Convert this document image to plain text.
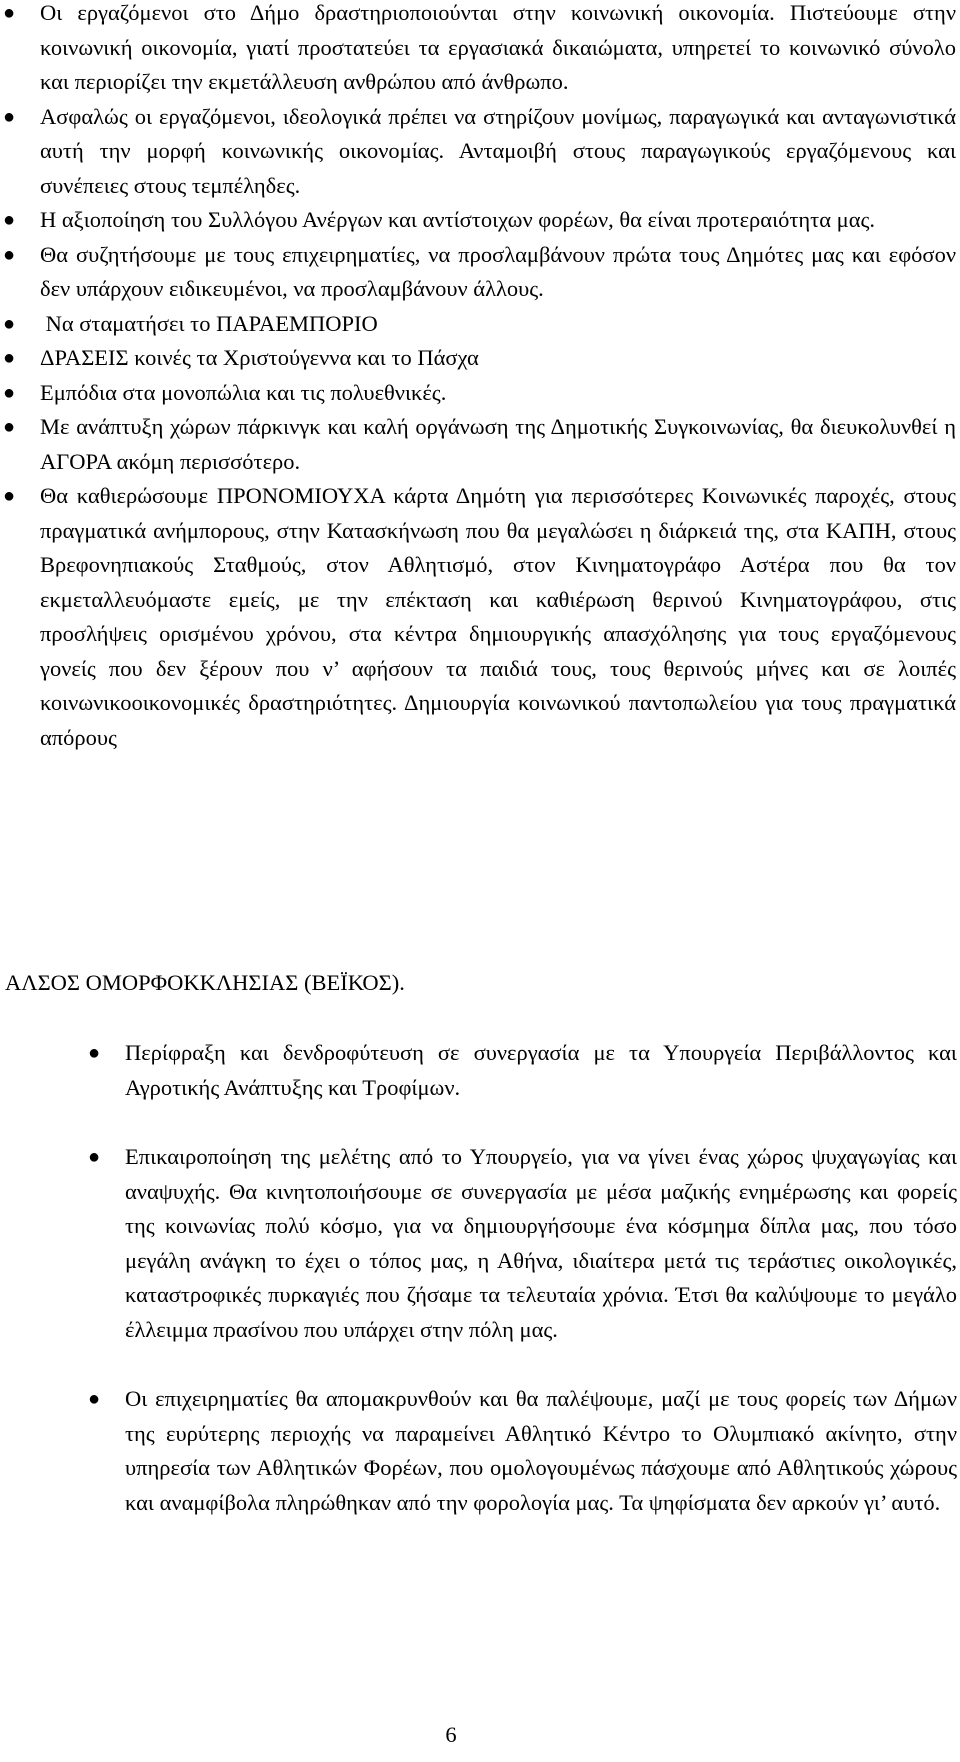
● Οι εργαζόμενοι στο Δήμο δραστηριοποιούνται στην κοινωνική οικονομία. Πιστεύουμε στην κοινωνική οικονομία, γιατί προστατεύει τα εργασιακά δικαιώματα, υπηρετεί το κοινωνικό σύνολο και περιορίζει την εκμετάλλευση ανθρώπου από άνθρωπο.
● Ασφαλώς οι εργαζόμενοι, ιδεολογικά πρέπει να στηρίζουν μονίμως, παραγωγικά και ανταγωνιστικά αυτή την μορφή κοινωνικής οικονομίας. Ανταμοιβή στους παραγωγικούς εργαζόμενους και συνέπειες στους τεμπέληδες.
● Η αξιοποίηση του Συλλόγου Ανέργων και αντίστοιχων φορέων, θα είναι προτεραιότητα μας.
● Θα συζητήσουμε με τους επιχειρηματίες, να προσλαμβάνουν πρώτα τους Δημότες μας και εφόσον δεν υπάρχουν ειδικευμένοι, να προσλαμβάνουν άλλους.
● Να σταματήσει το ΠΑΡΑΕΜΠΟΡΙΟ
● ΔΡΑΣΕΙΣ κοινές τα Χριστούγεννα και το Πάσχα
● Εμπόδια στα μονοπώλια και τις πολυεθνικές.
● Με ανάπτυξη χώρων πάρκινγκ και καλή οργάνωση της Δημοτικής Συγκοινωνίας, θα διευκολυνθεί η ΑΓΟΡΑ ακόμη περισσότερο.
● Θα καθιερώσουμε ΠΡΟΝΟΜΙΟΥΧΑ κάρτα Δημότη για περισσότερες Κοινωνικές παροχές, στους πραγματικά ανήμπορους, στην Κατασκήνωση που θα μεγαλώσει η διάρκειά της, στα ΚΑΠΗ, στους Βρεφονηπιακούς Σταθμούς, στον Αθλητισμό, στον Κινηματογράφο Αστέρα που θα τον εκμεταλλευόμαστε εμείς, με την επέκταση και καθιέρωση θερινού Κινηματογράφου, στις προσλήψεις ορισμένου χρόνου, στα κέντρα δημιουργικής απασχόλησης για τους εργαζόμενους γονείς που δεν ξέρουν που ν’ αφήσουν τα παιδιά τους, τους θερινούς μήνες και σε λοιπές κοινωνικοοικονομικές δραστηριότητες. Δημιουργία κοινωνικού παντοπωλείου για τους πραγματικά απόρους
ΑΛΣΟΣ ΟΜΟΡΦΟΚΚΛΗΣΙΑΣ (ΒΕΪΚΟΣ).
● Περίφραξη και δενδροφύτευση σε συνεργασία με τα Υπουργεία Περιβάλλοντος και Αγροτικής Ανάπτυξης και Τροφίμων.
● Επικαιροποίηση της μελέτης από το Υπουργείο, για να γίνει ένας χώρος ψυχαγωγίας και αναψυχής. Θα κινητοποιήσουμε σε συνεργασία με μέσα μαζικής ενημέρωσης και φορείς της κοινωνίας πολύ κόσμο, για να δημιουργήσουμε ένα κόσμημα δίπλα μας, που τόσο μεγάλη ανάγκη το έχει ο τόπος μας, η Αθήνα, ιδιαίτερα μετά τις τεράστιες οικολογικές, καταστροφικές πυρκαγιές που ζήσαμε τα τελευταία χρόνια. Έτσι θα καλύψουμε το μεγάλο έλλειμμα πρασίνου που υπάρχει στην πόλη μας.
● Οι επιχειρηματίες θα απομακρυνθούν και θα παλέψουμε, μαζί με τους φορείς των Δήμων της ευρύτερης περιοχής να παραμείνει Αθλητικό Κέντρο το Ολυμπιακό ακίνητο, στην υπηρεσία των Αθλητικών Φορέων, που ομολογουμένως πάσχουμε από Αθλητικούς χώρους και αναμφίβολα πληρώθηκαν από την φορολογία μας. Τα ψηφίσματα δεν αρκούν γι’ αυτό.
6
